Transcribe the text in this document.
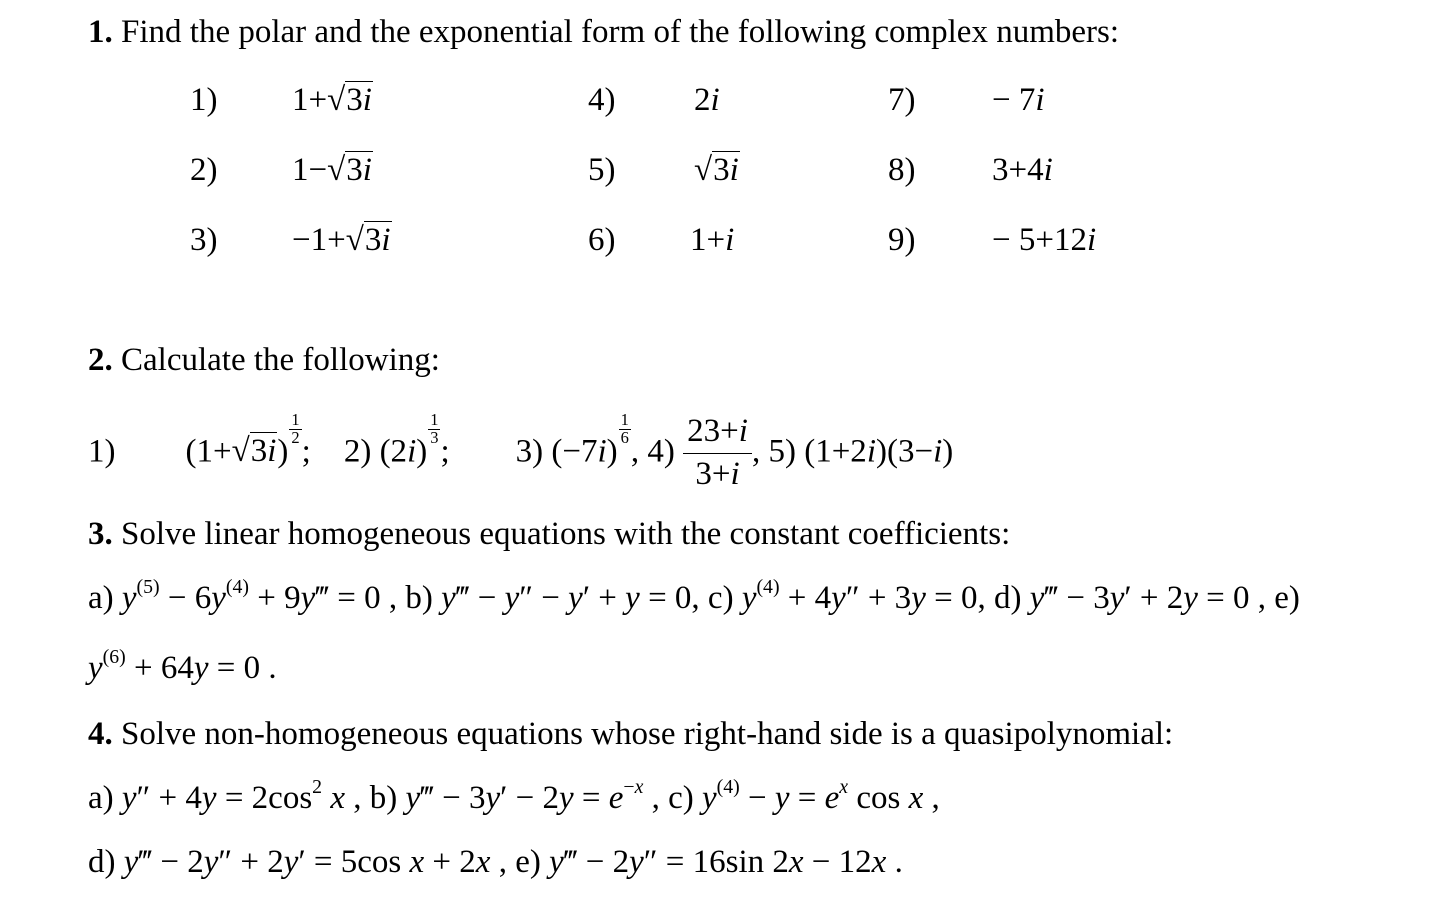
1. Find the polar and the exponential form of the following complex numbers:
1) 1+√3i
2) 1−√3i
3) −1+√3i
4) 2i
5) √3i
6) 1+i
7) − 7i
8) 3+4i
9) − 5+12i
2. Calculate the following:
1) (1+√3i)
$\frac{1}{2}$
;    2) (2i)
$\frac{1}{3}$
; 3) (−7i)
$\frac{1}{6}$
, $4) \frac{23+i}{3+i}$ , 5) (1+2i)(3−i)
3. Solve linear homogeneous equations with the constant coefficients:
a) $y^{(5)} - 6y^{(4)}$ + 9y‴ = 0 , b) y‴ − y″ − y′ + y = 0, c) $y^{(4)} + 4y'' + 3y = 0$, d) y‴ − 3y′ + 2y = 0 , e)
$y^{(6)} + 64y = 0$ .
4. Solve non-homogeneous equations whose right-hand side is a quasipolynomial:
a) $y'' + 4y = 2\cos^2$ x , b) y‴ − $3y' - 2y = e^{-x}$ , c) $y^{(4)} - y = e^x$ cos x ,
d) y‴ − 2y″ + 2y′ = 5cos x + 2x , e) y‴ − 2y″ = 16sin 2x − 12x .
